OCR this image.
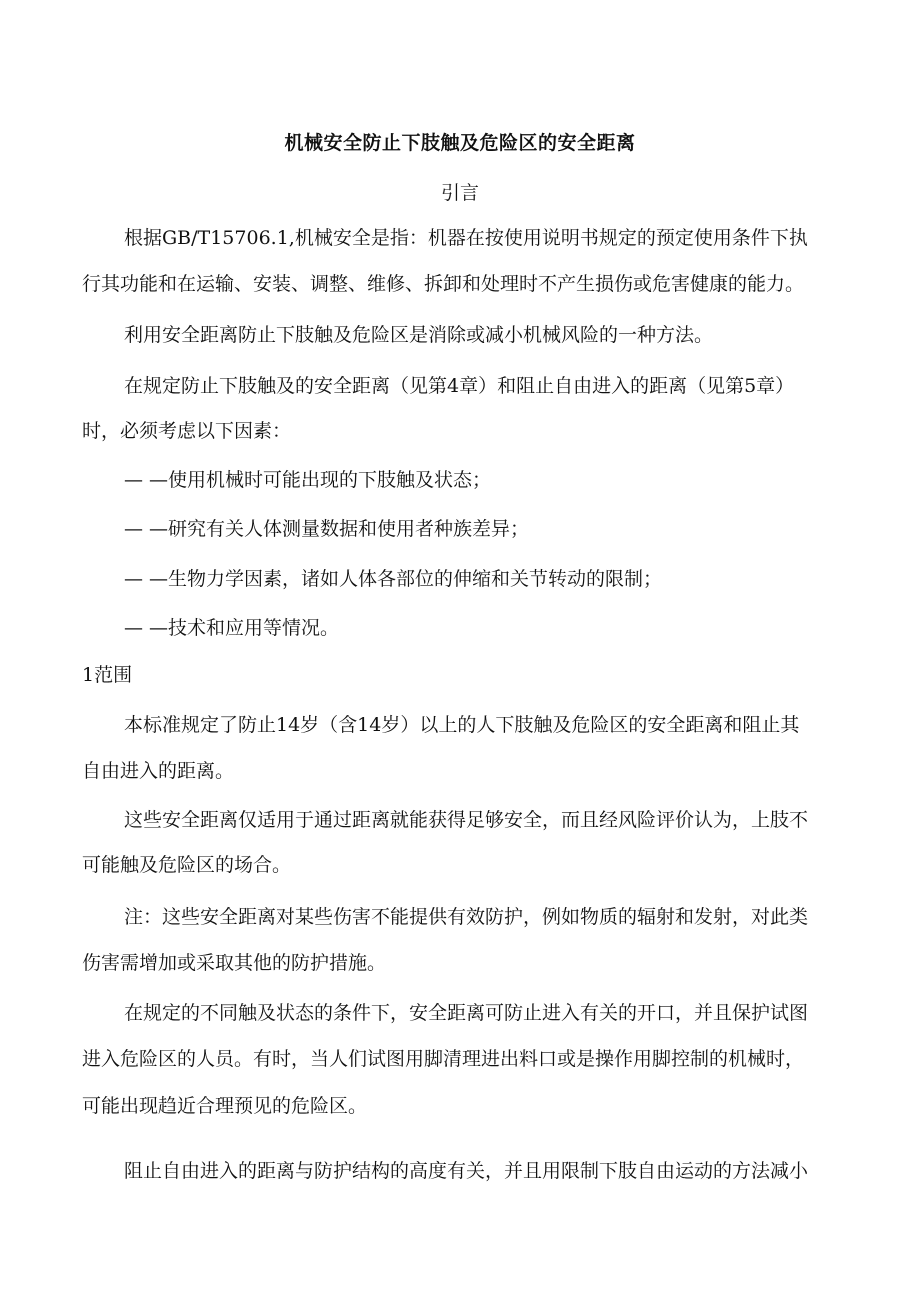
机械安全防止下肢触及危险区的安全距离
引言
根据GB/T15706.1,机械安全是指：机器在按使用说明书规定的预定使用条件下执
行其功能和在运输、安装、调整、维修、拆卸和处理时不产生损伤或危害健康的能力。
利用安全距离防止下肢触及危险区是消除或减小机械风险的一种方法。
在规定防止下肢触及的安全距离（见第4章）和阻止自由进入的距离（见第5章）
时，必须考虑以下因素：
— —使用机械时可能出现的下肢触及状态；
— —研究有关人体测量数据和使用者种族差异；
— —生物力学因素，诸如人体各部位的伸缩和关节转动的限制；
— —技术和应用等情况。
1范围
本标准规定了防止14岁（含14岁）以上的人下肢触及危险区的安全距离和阻止其
自由进入的距离。
这些安全距离仅适用于通过距离就能获得足够安全，而且经风险评价认为，上肢不
可能触及危险区的场合。
注：这些安全距离对某些伤害不能提供有效防护，例如物质的辐射和发射，对此类
伤害需增加或采取其他的防护措施。
在规定的不同触及状态的条件下，安全距离可防止进入有关的开口，并且保护试图
进入危险区的人员。有时，当人们试图用脚清理进出料口或是操作用脚控制的机械时，
可能出现趋近合理预见的危险区。
阻止自由进入的距离与防护结构的高度有关，并且用限制下肢自由运动的方法减小
